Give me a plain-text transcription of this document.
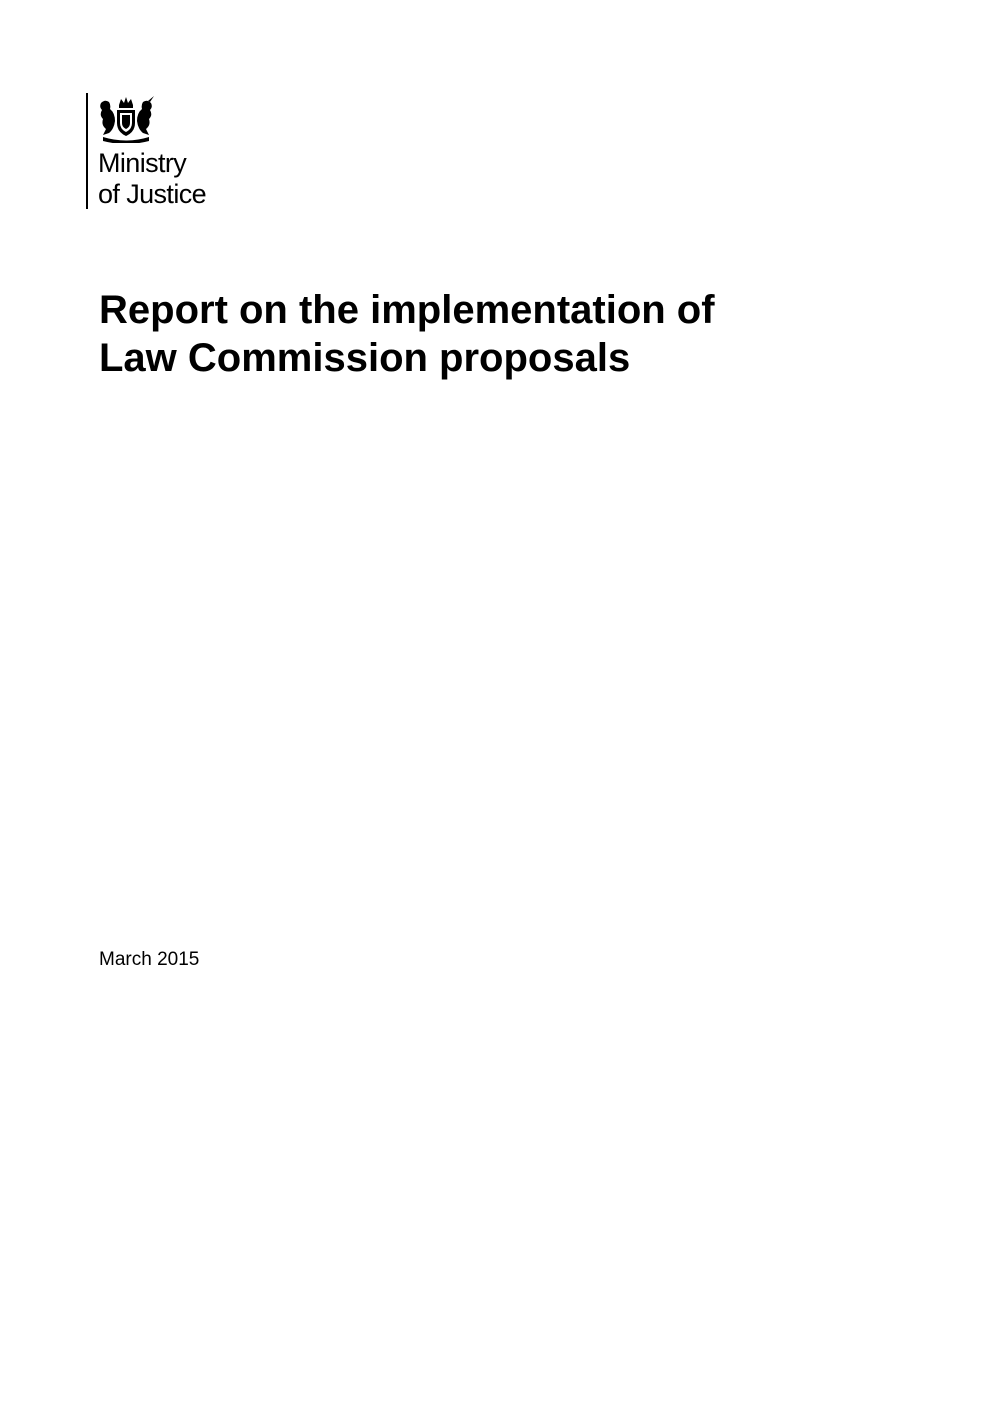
Ministry
of Justice
Report on the implementation of
Law Commission proposals
March 2015
